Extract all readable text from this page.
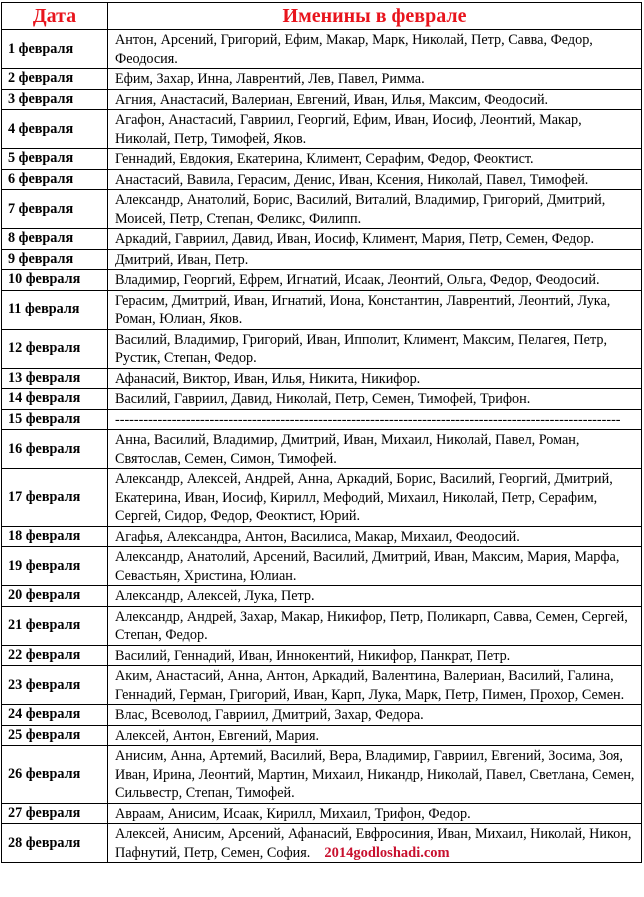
Дата	Именины в феврале
1 февраля	Антон, Арсений, Григорий, Ефим, Макар, Марк, Николай, Петр, Савва, Федор, Феодосия.
2 февраля	Ефим, Захар, Инна, Лаврентий, Лев, Павел, Римма.
3 февраля	Агния, Анастасий, Валериан, Евгений, Иван, Илья, Максим, Феодосий.
4 февраля	Агафон, Анастасий, Гавриил, Георгий, Ефим, Иван, Иосиф, Леонтий, Макар, Николай, Петр, Тимофей, Яков.
5 февраля	Геннадий, Евдокия, Екатерина, Климент, Серафим, Федор, Феоктист.
6 февраля	Анастасий, Вавила, Герасим, Денис, Иван, Ксения, Николай, Павел, Тимофей.
7 февраля	Александр, Анатолий, Борис, Василий, Виталий, Владимир, Григорий, Дмитрий, Моисей, Петр, Степан, Феликс, Филипп.
8 февраля	Аркадий, Гавриил, Давид, Иван, Иосиф, Климент, Мария, Петр, Семен, Федор.
9 февраля	Дмитрий, Иван, Петр.
10 февраля	Владимир, Георгий, Ефрем, Игнатий, Исаак, Леонтий, Ольга, Федор, Феодосий.
11 февраля	Герасим, Дмитрий, Иван, Игнатий, Иона, Константин, Лаврентий, Леонтий, Лука, Роман, Юлиан, Яков.
12 февраля	Василий, Владимир, Григорий, Иван, Ипполит, Климент, Максим, Пелагея, Петр, Рустик, Степан, Федор.
13 февраля	Афанасий, Виктор, Иван, Илья, Никита, Никифор.
14 февраля	Василий, Гавриил, Давид, Николай, Петр, Семен, Тимофей, Трифон.
15 февраля	-----------------------------------------------------------------------------------------------------------
16 февраля	Анна, Василий, Владимир, Дмитрий, Иван, Михаил, Николай, Павел, Роман, Святослав, Семен, Симон, Тимофей.
17 февраля	Александр, Алексей, Андрей, Анна, Аркадий, Борис, Василий, Георгий, Дмитрий, Екатерина, Иван, Иосиф, Кирилл, Мефодий, Михаил, Николай, Петр, Серафим, Сергей, Сидор, Федор, Феоктист, Юрий.
18 февраля	Агафья, Александра, Антон, Василиса, Макар, Михаил, Феодосий.
19 февраля	Александр, Анатолий, Арсений, Василий, Дмитрий, Иван, Максим, Мария, Марфа, Севастьян, Христина, Юлиан.
20 февраля	Александр, Алексей, Лука, Петр.
21 февраля	Александр, Андрей, Захар, Макар, Никифор, Петр, Поликарп, Савва, Семен, Сергей, Степан, Федор.
22 февраля	Василий, Геннадий, Иван, Иннокентий, Никифор, Панкрат, Петр.
23 февраля	Аким, Анастасий, Анна, Антон, Аркадий, Валентина, Валериан, Василий, Галина, Геннадий, Герман, Григорий, Иван, Карп, Лука, Марк, Петр, Пимен, Прохор, Семен.
24 февраля	Влас, Всеволод, Гавриил, Дмитрий, Захар, Федора.
25 февраля	Алексей, Антон, Евгений, Мария.
26 февраля	Анисим, Анна, Артемий, Василий, Вера, Владимир, Гавриил, Евгений, Зосима, Зоя, Иван, Ирина, Леонтий, Мартин, Михаил, Никандр, Николай, Павел, Светлана, Семен, Сильвестр, Степан, Тимофей.
27 февраля	Авраам, Анисим, Исаак, Кирилл, Михаил, Трифон, Федор.
28 февраля	Алексей, Анисим, Арсений, Афанасий, Евфросиния, Иван, Михаил, Николай, Никон, Пафнутий, Петр, Семен, София. 2014godloshadi.com
